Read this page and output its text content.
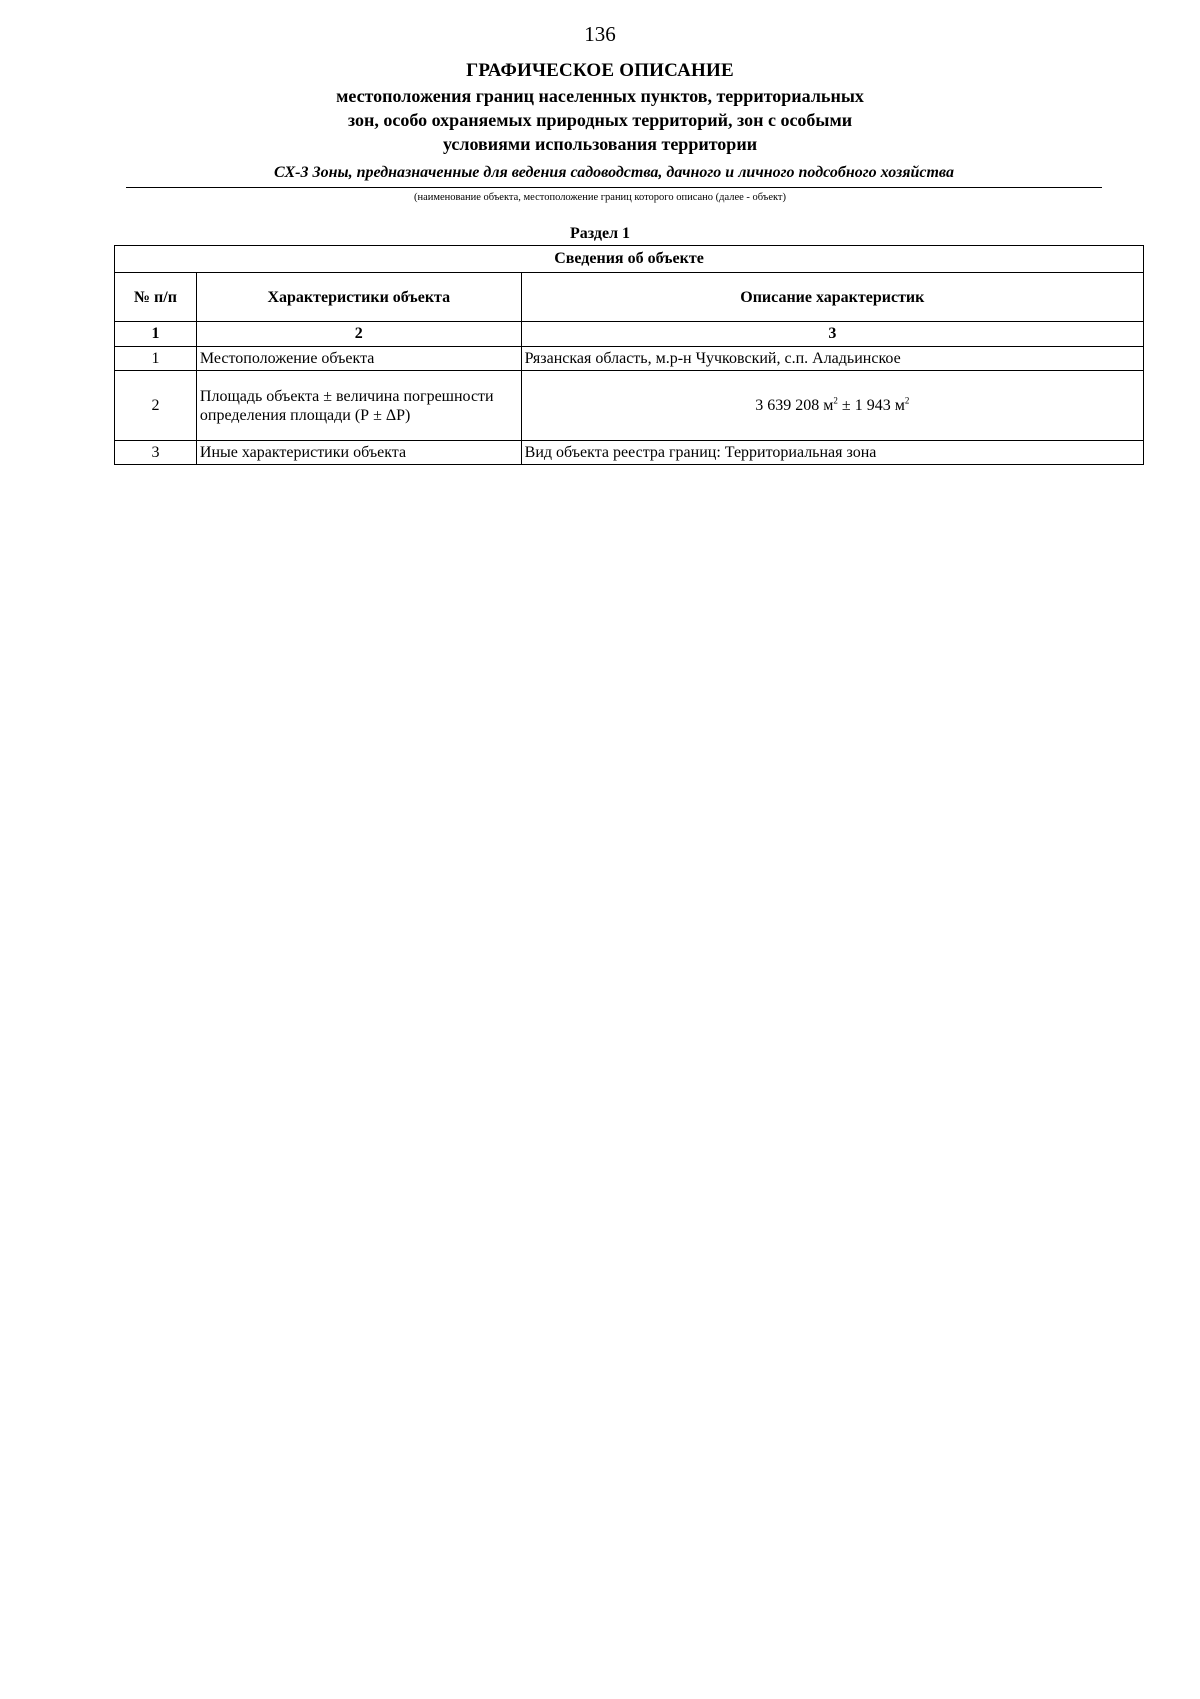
136
ГРАФИЧЕСКОЕ ОПИСАНИЕ
местоположения границ населенных пунктов, территориальных
зон, особо охраняемых природных территорий, зон с особыми
условиями использования территории
СХ-3 Зоны, предназначенные для ведения садоводства, дачного и личного подсобного хозяйства
(наименование объекта, местоположение границ которого описано (далее - объект)
Раздел 1
Сведения об объекте		
№ п/п	Характеристики объекта	Описание характеристик
1	2	3
1	Местоположение объекта	Рязанская область, м.р-н Чучковский, с.п. Аладьинское
2	Площадь объекта ± величина погрешности определения площади (Р ± ΔР)	3 639 208 $м^2 \pm 1$ 943 $м^2$
3	Иные характеристики объекта	Вид объекта реестра границ: Территориальная зона
